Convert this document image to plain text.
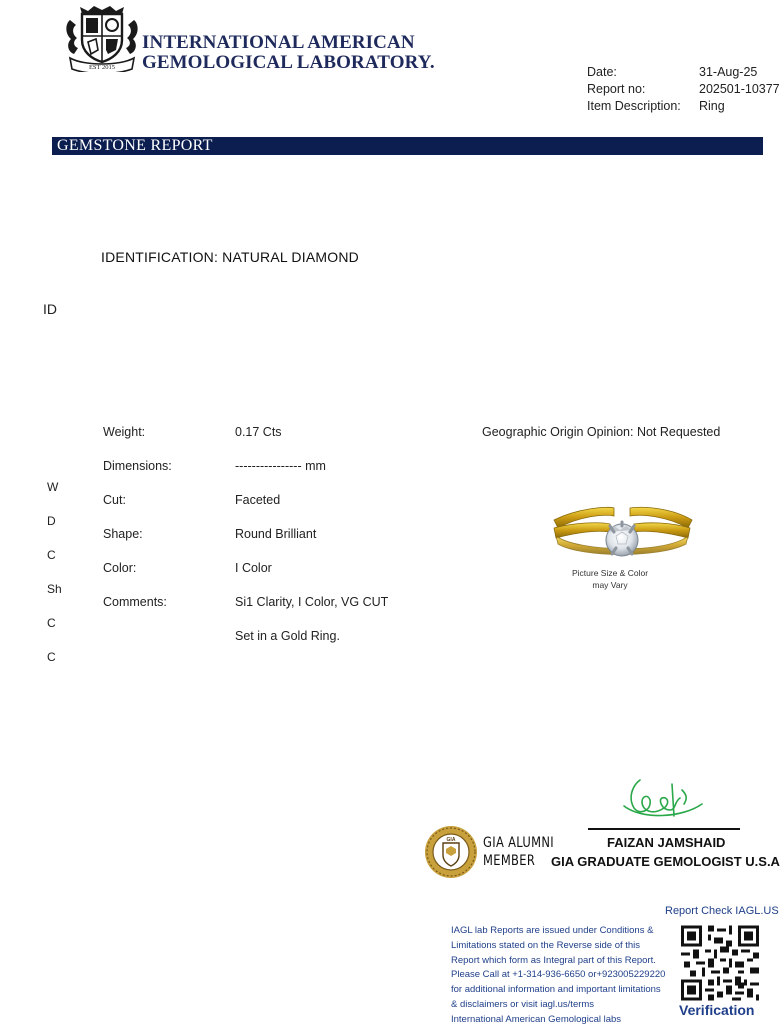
EST 2015
INTERNATIONAL AMERICAN
GEMOLOGICAL LABORATORY.	Date:	31-Aug-25
Report no:	202501-10377
Item Description:	Ring
GEMSTONE REPORT
IDENTIFICATION: NATURAL DIAMOND
ID
W
D
C
Sh
C
C
Weight:	0.17 Cts
Dimensions:	---------------- mm
Cut:	Faceted
Shape:	Round Brilliant
Color:	I Color
Comments:	Si1 Clarity, I Color, VG CUT
Set in a Gold Ring.
Geographic Origin Opinion: Not Requested
Picture Size & Color
may Vary
GIA GIA ALUMNI
MEMBER
FAIZAN JAMSHAID
GIA GRADUATE GEMOLOGIST U.S.A
Report Check IAGL.US
IAGL lab Reports are issued under Conditions &
Limitations stated on the Reverse side of this
Report which form as Integral part of this Report.
Please Call at +1-314-936-6650 or+923005229220
for additional information and important limitations
& disclaimers or visit iagl.us/terms
International American Gemological labs
Verification
